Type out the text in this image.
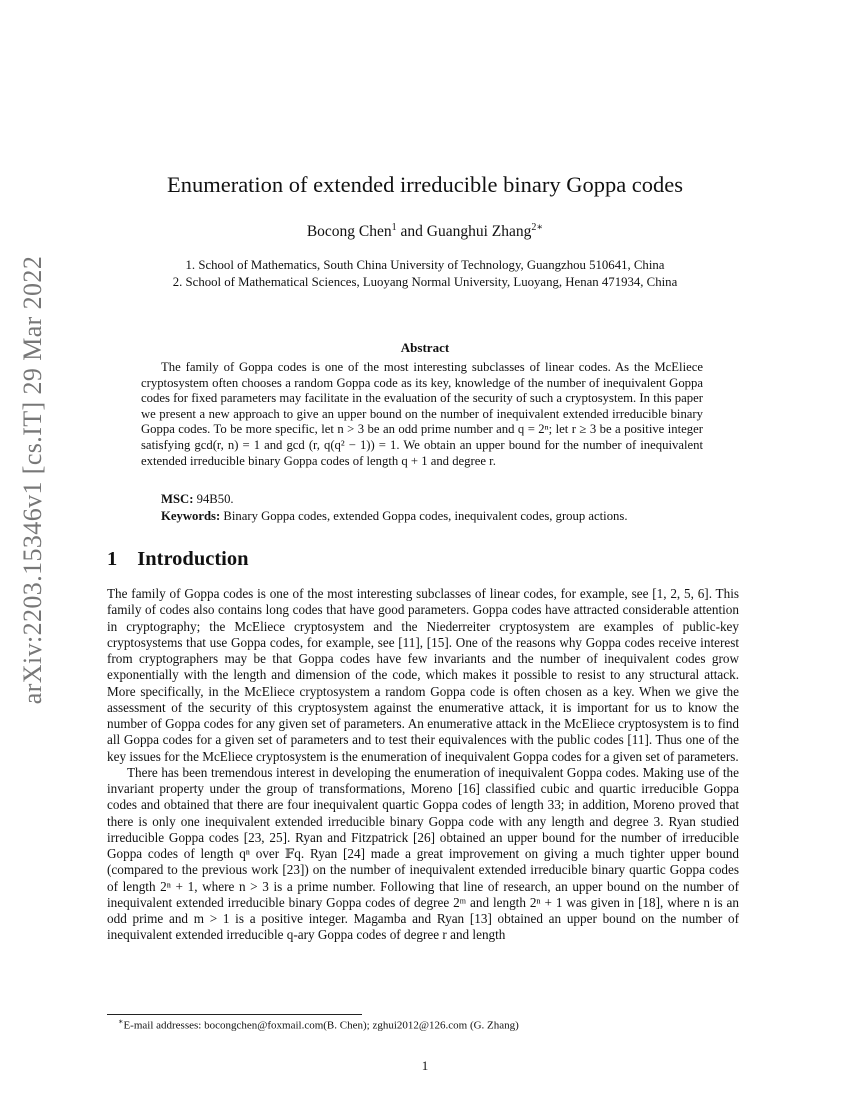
arXiv:2203.15346v1 [cs.IT] 29 Mar 2022
Enumeration of extended irreducible binary Goppa codes
Bocong Chen$^1$ and Guanghui Zhang$^{2∗}$
1. School of Mathematics, South China University of Technology, Guangzhou 510641, China
2. School of Mathematical Sciences, Luoyang Normal University, Luoyang, Henan 471934, China
Abstract

The family of Goppa codes is one of the most interesting subclasses of linear codes. As the McEliece cryptosystem often chooses a random Goppa code as its key, knowledge of the number of inequivalent Goppa codes for fixed parameters may facilitate in the evaluation of the security of such a cryptosystem. In this paper we present a new approach to give an upper bound on the number of inequivalent extended irreducible binary Goppa codes. To be more specific, let n > 3 be an odd prime number and q = 2ⁿ; let r ≥ 3 be a positive integer satisfying gcd(r, n) = 1 and gcd (r, q(q² − 1)) = 1. We obtain an upper bound for the number of inequivalent extended irreducible binary Goppa codes of length q + 1 and degree r.

MSC: 94B50.
Keywords: Binary Goppa codes, extended Goppa codes, inequivalent codes, group actions.
1 Introduction

The family of Goppa codes is one of the most interesting subclasses of linear codes, for example, see [1, 2, 5, 6]. This family of codes also contains long codes that have good parameters. Goppa codes have attracted considerable attention in cryptography; the McEliece cryptosystem and the Niederreiter cryptosystem are examples of public-key cryptosystems that use Goppa codes, for example, see [11], [15]. One of the reasons why Goppa codes receive interest from cryptographers may be that Goppa codes have few invariants and the number of inequivalent codes grow exponentially with the length and dimension of the code, which makes it possible to resist to any structural attack. More specifically, in the McEliece cryptosystem a random Goppa code is often chosen as a key. When we give the assessment of the security of this cryptosystem against the enumerative attack, it is important for us to know the number of Goppa codes for any given set of parameters. An enumerative attack in the McEliece cryptosystem is to find all Goppa codes for a given set of parameters and to test their equivalences with the public codes [11]. Thus one of the key issues for the McEliece cryptosystem is the enumeration of inequivalent Goppa codes for a given set of parameters.

There has been tremendous interest in developing the enumeration of inequivalent Goppa codes. Making use of the invariant property under the group of transformations, Moreno [16] classified cubic and quartic irreducible Goppa codes and obtained that there are four inequivalent quartic Goppa codes of length 33; in addition, Moreno proved that there is only one inequivalent extended irreducible binary Goppa code with any length and degree 3. Ryan studied irreducible Goppa codes [23, 25]. Ryan and Fitzpatrick [26] obtained an upper bound for the number of irreducible Goppa codes of length qⁿ over 𝔽q. Ryan [24] made a great improvement on giving a much tighter upper bound (compared to the previous work [23]) on the number of inequivalent extended irreducible binary quartic Goppa codes of length 2ⁿ + 1, where n > 3 is a prime number. Following that line of research, an upper bound on the number of inequivalent extended irreducible binary Goppa codes of degree 2ᵐ and length 2ⁿ + 1 was given in [18], where n is an odd prime and m > 1 is a positive integer. Magamba and Ryan [13] obtained an upper bound on the number of inequivalent extended irreducible q-ary Goppa codes of degree r and length

∗E-mail addresses: bocongchen@foxmail.com(B. Chen); zghui2012@126.com (G. Zhang)
1
